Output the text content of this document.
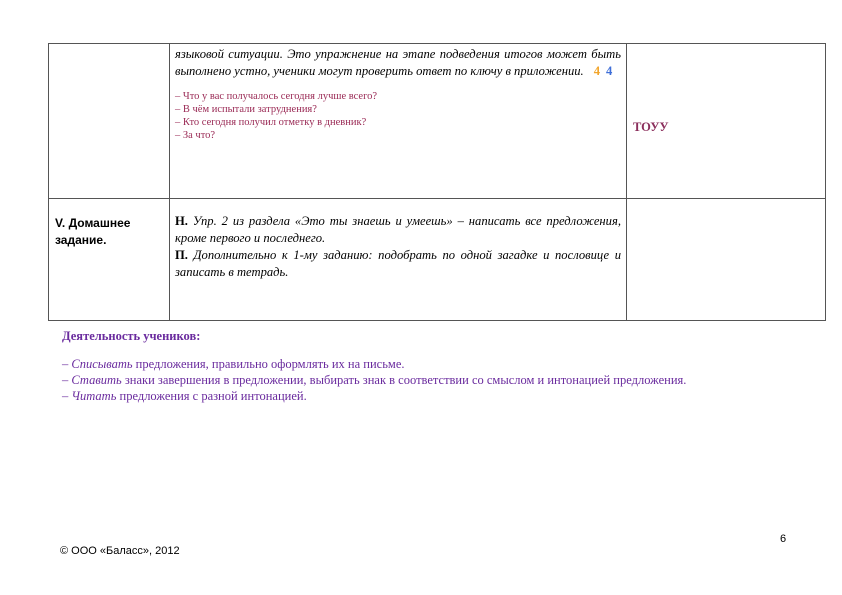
	языковой ситуации. Это упражнение на этапе подведения итогов может быть выполнено устно, ученики могут проверить ответ по ключу в приложении. 4 4

– Что у вас получалось сегодня лучше всего?
– В чём испытали затруднения?
– Кто сегодня получил отметку в дневник?
– За что?	ТОУУ

V. Домашнее задание.	Н. Упр. 2 из раздела «Это ты знаешь и умеешь» – написать все предложения, кроме первого и последнего.

П. Дополнительно к 1-му заданию: подобрать по одной загадке и пословице и записать в тетрадь.	

Деятельность учеников:
– Списывать предложения, правильно оформлять их на письме.
– Ставить знаки завершения в предложении, выбирать знак в соответствии со смыслом и интонацией предложения.
– Читать предложения с разной интонацией.
6
© ООО «Баласс», 2012
